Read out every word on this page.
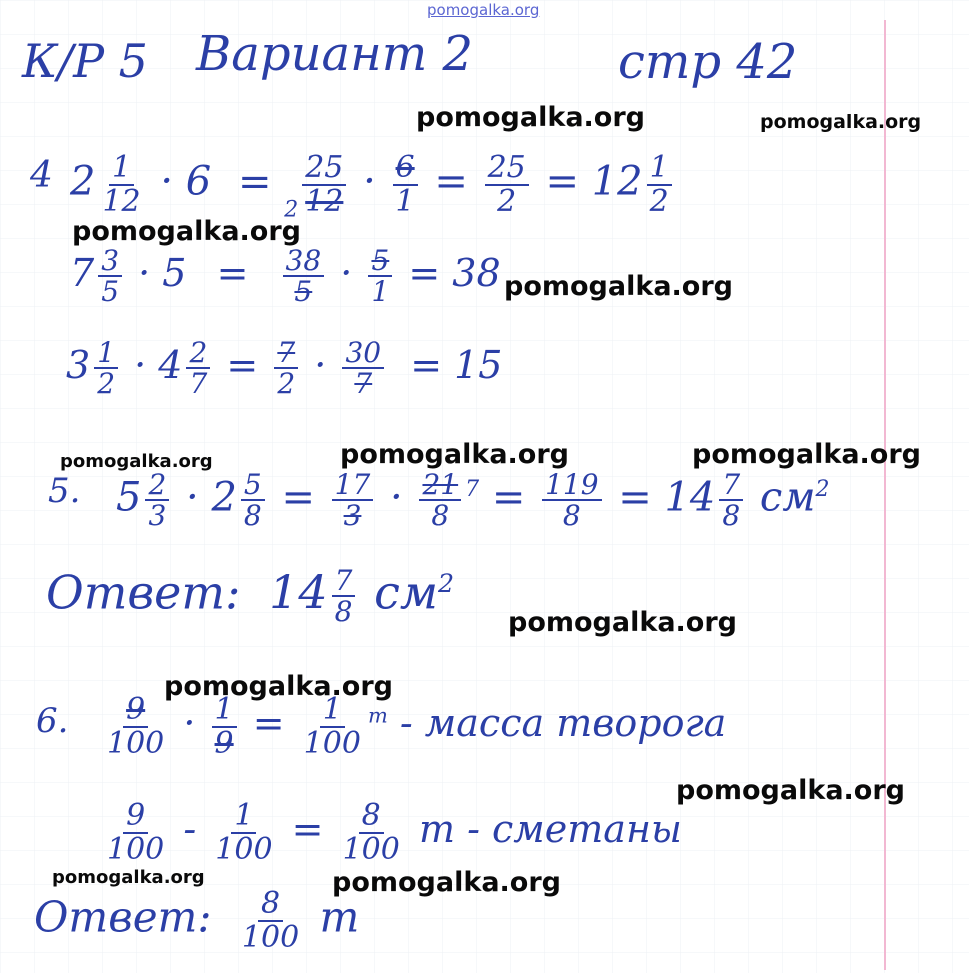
pomogalka.org
К/Р 5 Вариант 2	стр 42
4 $2 \frac{1}{12} \cdot 6 = _2 \frac{25}{12} \cdot \frac{6}{1} = \frac{25}{2} = 12 \frac{1}{2}$
$7 \frac{3}{5} \cdot 5 = \frac{38}{5} \cdot \frac{5}{1} = 38$
$3 \frac{1}{2} \cdot 4 \frac{2}{7} = \frac{7}{2} \cdot \frac{30}{7} = 15$
5. $5 \frac{2}{3} \cdot 2 \frac{5}{8} = \frac{17}{3} \cdot \frac{21}{8} ^7 = \frac{119}{8} = 14 \frac{7}{8} см^2$
Ответ: $14 \frac{7}{8} см^2$
6. $\frac{9}{100} \cdot \frac{1}{9} = \frac{1}{100} ^т$ - масса творога
$\frac{9}{100} - \frac{1}{100} = \frac{8}{100}$ т - сметаны
Ответ: $\frac{8}{100}$ т
pomogalka.org	pomogalka.org
pomogalka.org
pomogalka.org
pomogalka.org	pomogalka.org	pomogalka.org
pomogalka.org
pomogalka.org
pomogalka.org
pomogalka.org	pomogalka.org
